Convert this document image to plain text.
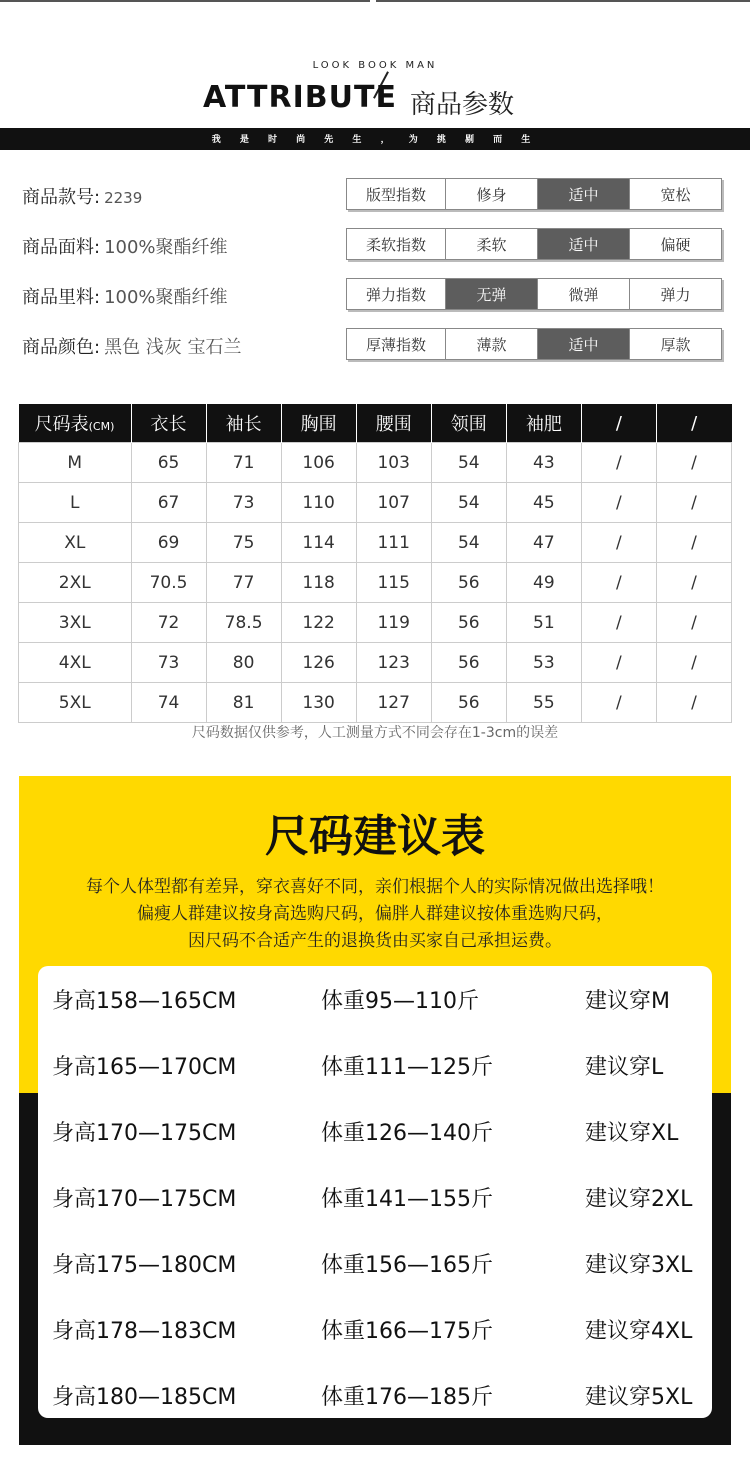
LOOK BOOK MAN
ATTRIBUTE 商品参数
我 是 时 尚 先 生 ， 为 挑 剔 而 生
商品款号: 2239
商品面料: 100%聚酯纤维
商品里料: 100%聚酯纤维
商品颜色: 黑色 浅灰 宝石兰
版型指数	修身	适中	宽松
柔软指数	柔软	适中	偏硬
弹力指数	无弹	微弹	弹力
厚薄指数	薄款	适中	厚款
尺码表(CM)	衣长	袖长	胸围	腰围	领围	袖肥	/	/
M	65	71	106	103	54	43	/	/
L	67	73	110	107	54	45	/	/
XL	69	75	114	111	54	47	/	/
2XL	70.5	77	118	115	56	49	/	/
3XL	72	78.5	122	119	56	51	/	/
4XL	73	80	126	123	56	53	/	/
5XL	74	81	130	127	56	55	/	/
尺码数据仅供参考，人工测量方式不同会存在1-3cm的误差
尺码建议表
每个人体型都有差异，穿衣喜好不同，亲们根据个人的实际情况做出选择哦！
偏瘦人群建议按身高选购尺码，偏胖人群建议按体重选购尺码，
因尺码不合适产生的退换货由买家自己承担运费。
身高158—165CM	体重95—110斤	建议穿M
身高165—170CM	体重111—125斤	建议穿L
身高170—175CM	体重126—140斤	建议穿XL
身高170—175CM	体重141—155斤	建议穿2XL
身高175—180CM	体重156—165斤	建议穿3XL
身高178—183CM	体重166—175斤	建议穿4XL
身高180—185CM	体重176—185斤	建议穿5XL
